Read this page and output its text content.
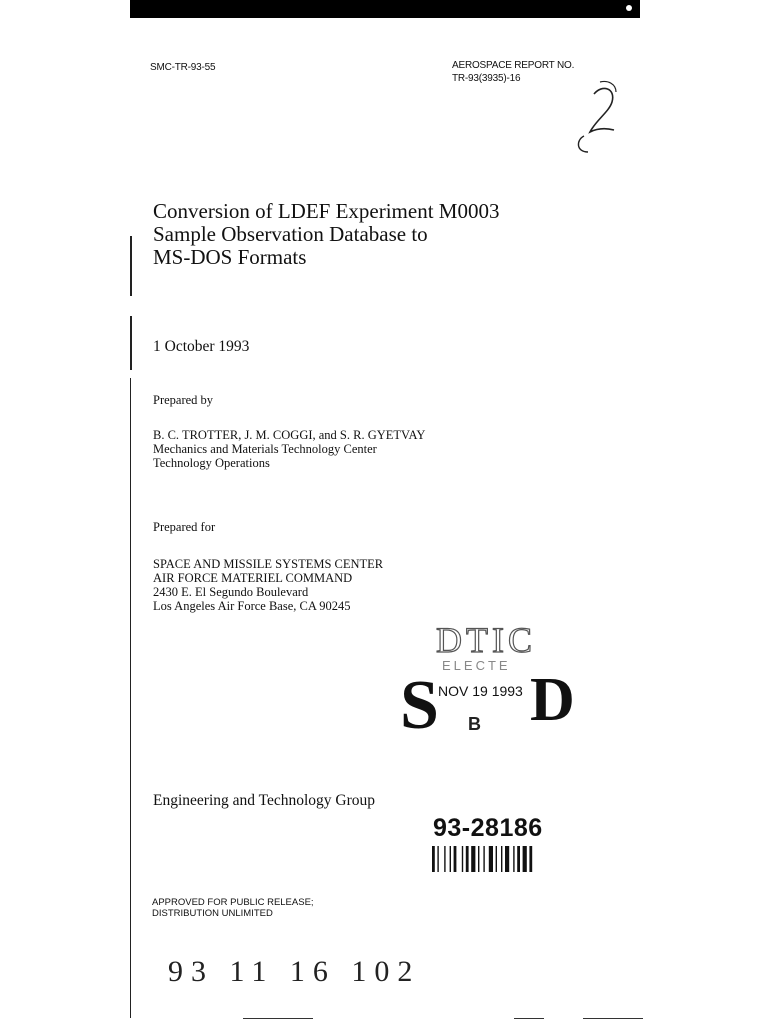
SMC-TR-93-55	AEROSPACE REPORT NO.
TR-93(3935)-16
Conversion of LDEF Experiment M0003
Sample Observation Database to
MS-DOS Formats
1 October 1993
Prepared by
B. C. TROTTER, J. M. COGGI, and S. R. GYETVAY
Mechanics and Materials Technology Center
Technology Operations
Prepared for
SPACE AND MISSILE SYSTEMS CENTER
AIR FORCE MATERIEL COMMAND
2430 E. El Segundo Boulevard
Los Angeles Air Force Base, CA 90245
DTIC
ELECTE
S D
NOV 19 1993
B
Engineering and Technology Group
93-28186
APPROVED FOR PUBLIC RELEASE;
DISTRIBUTION UNLIMITED
93 11 16 102
